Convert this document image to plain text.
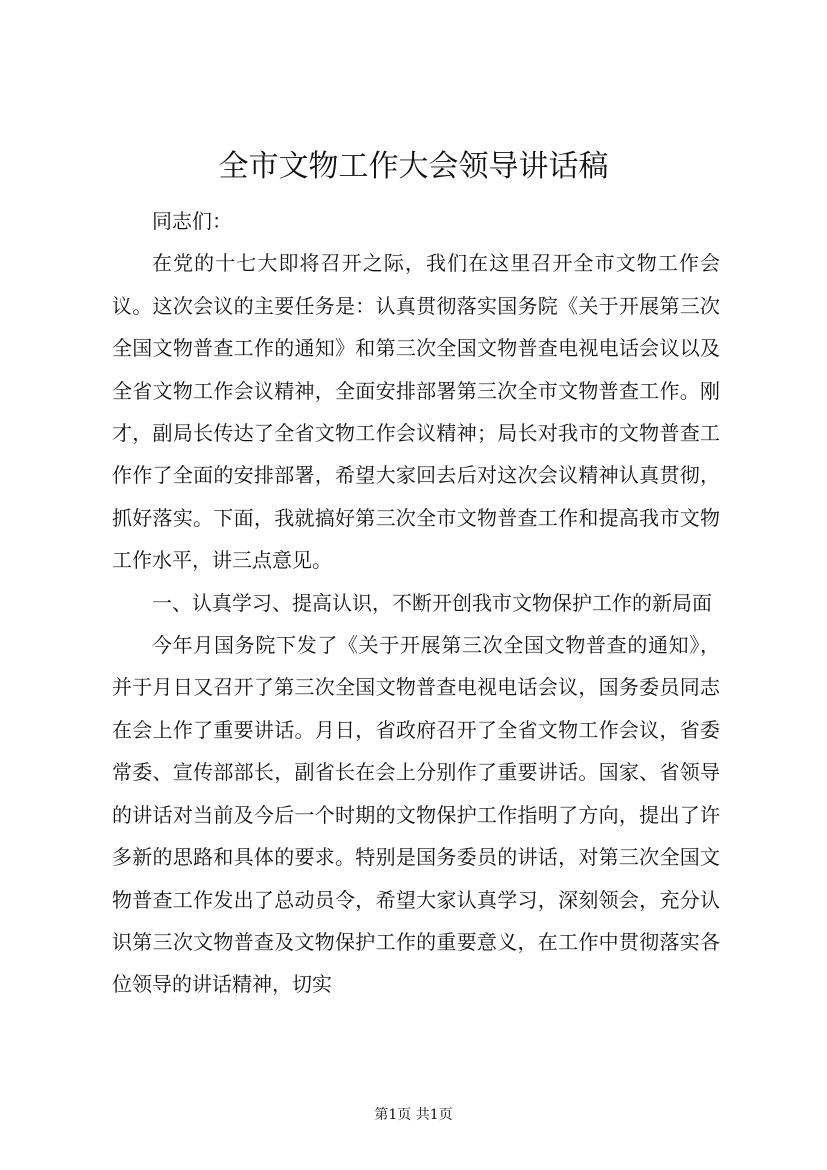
全市文物工作大会领导讲话稿

同志们：

在党的十七大即将召开之际，我们在这里召开全市文物工作会议。这次会议的主要任务是：认真贯彻落实国务院《关于开展第三次全国文物普查工作的通知》和第三次全国文物普查电视电话会议以及全省文物工作会议精神，全面安排部署第三次全市文物普查工作。刚才，副局长传达了全省文物工作会议精神；局长对我市的文物普查工作作了全面的安排部署，希望大家回去后对这次会议精神认真贯彻，抓好落实。下面，我就搞好第三次全市文物普查工作和提高我市文物工作水平，讲三点意见。

一、认真学习、提高认识，不断开创我市文物保护工作的新局面

今年月国务院下发了《关于开展第三次全国文物普查的通知》，并于月日又召开了第三次全国文物普查电视电话会议，国务委员同志在会上作了重要讲话。月日，省政府召开了全省文物工作会议，省委常委、宣传部部长，副省长在会上分别作了重要讲话。国家、省领导的讲话对当前及今后一个时期的文物保护工作指明了方向，提出了许多新的思路和具体的要求。特别是国务委员的讲话，对第三次全国文物普查工作发出了总动员令，希望大家认真学习，深刻领会，充分认识第三次文物普查及文物保护工作的重要意义，在工作中贯彻落实各位领导的讲话精神，切实

第1页 共1页
